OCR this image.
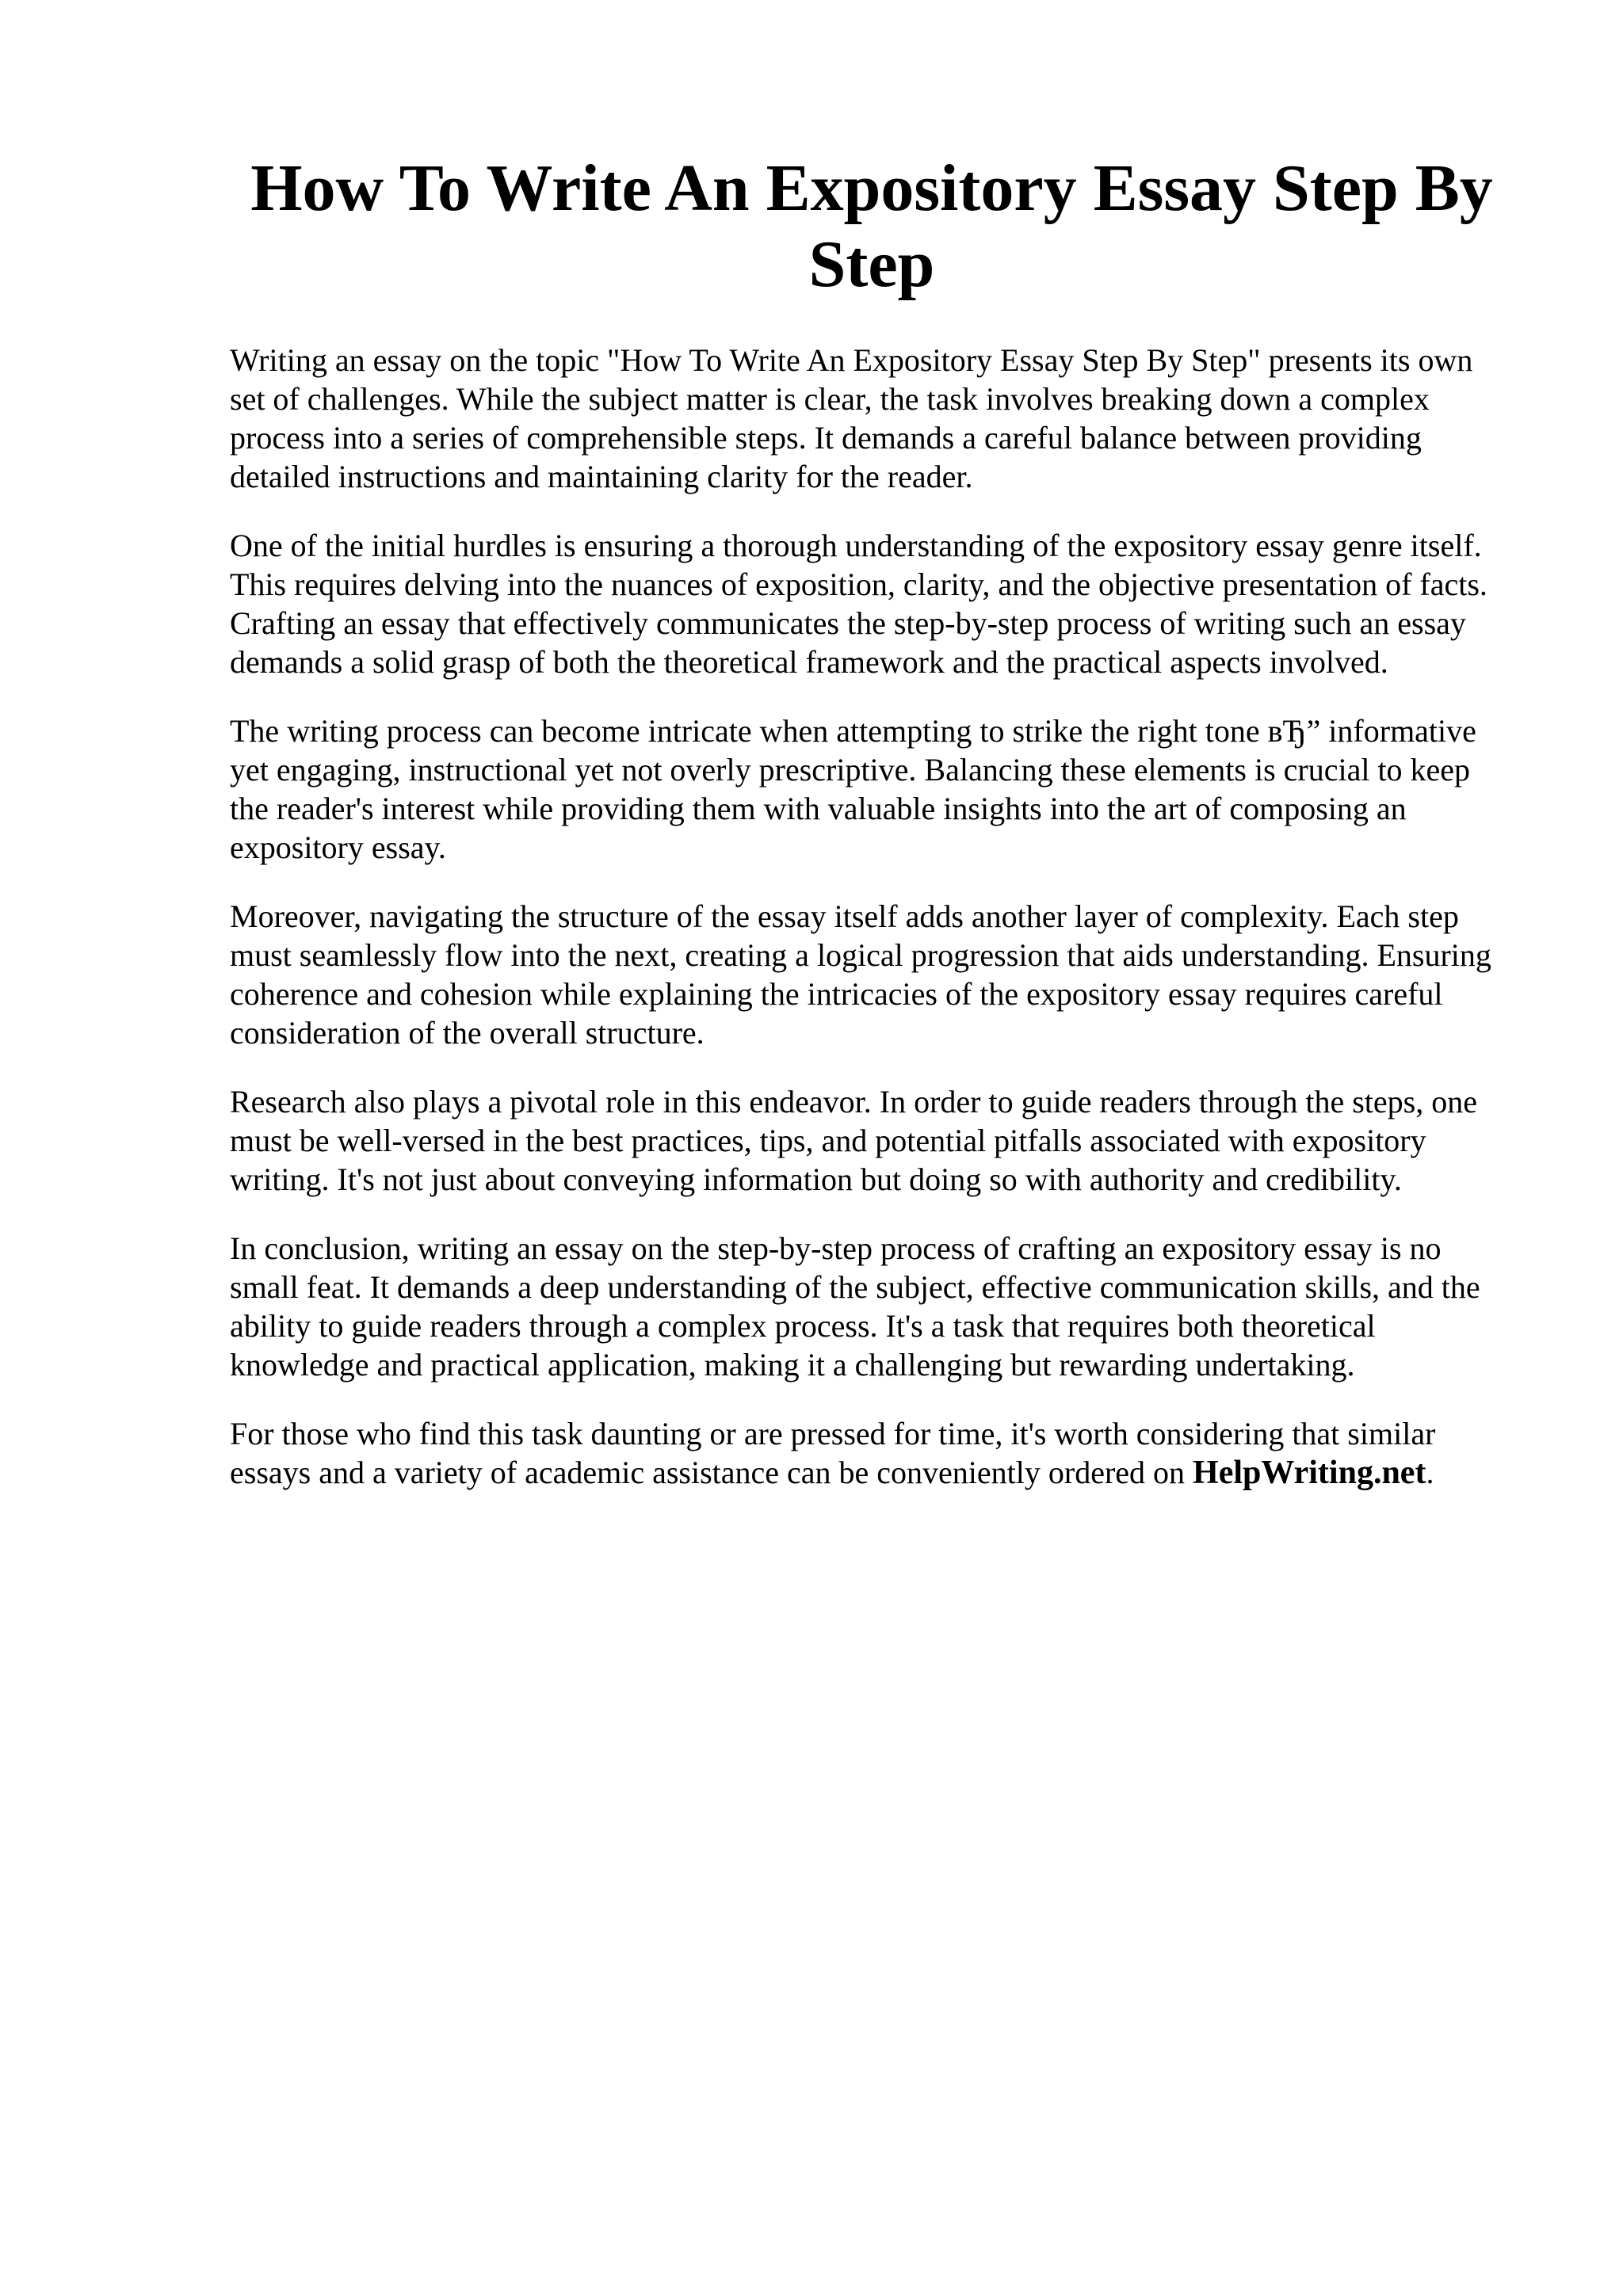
How To Write An Expository Essay Step By Step

Writing an essay on the topic "How To Write An Expository Essay Step By Step" presents its own set of challenges. While the subject matter is clear, the task involves breaking down a complex process into a series of comprehensible steps. It demands a careful balance between providing detailed instructions and maintaining clarity for the reader.

One of the initial hurdles is ensuring a thorough understanding of the expository essay genre itself. This requires delving into the nuances of exposition, clarity, and the objective presentation of facts. Crafting an essay that effectively communicates the step-by-step process of writing such an essay demands a solid grasp of both the theoretical framework and the practical aspects involved.

The writing process can become intricate when attempting to strike the right tone вЂ” informative yet engaging, instructional yet not overly prescriptive. Balancing these elements is crucial to keep the reader's interest while providing them with valuable insights into the art of composing an expository essay.

Moreover, navigating the structure of the essay itself adds another layer of complexity. Each step must seamlessly flow into the next, creating a logical progression that aids understanding. Ensuring coherence and cohesion while explaining the intricacies of the expository essay requires careful consideration of the overall structure.

Research also plays a pivotal role in this endeavor. In order to guide readers through the steps, one must be well-versed in the best practices, tips, and potential pitfalls associated with expository writing. It's not just about conveying information but doing so with authority and credibility.

In conclusion, writing an essay on the step-by-step process of crafting an expository essay is no small feat. It demands a deep understanding of the subject, effective communication skills, and the ability to guide readers through a complex process. It's a task that requires both theoretical knowledge and practical application, making it a challenging but rewarding undertaking.

For those who find this task daunting or are pressed for time, it's worth considering that similar essays and a variety of academic assistance can be conveniently ordered on HelpWriting.net.
